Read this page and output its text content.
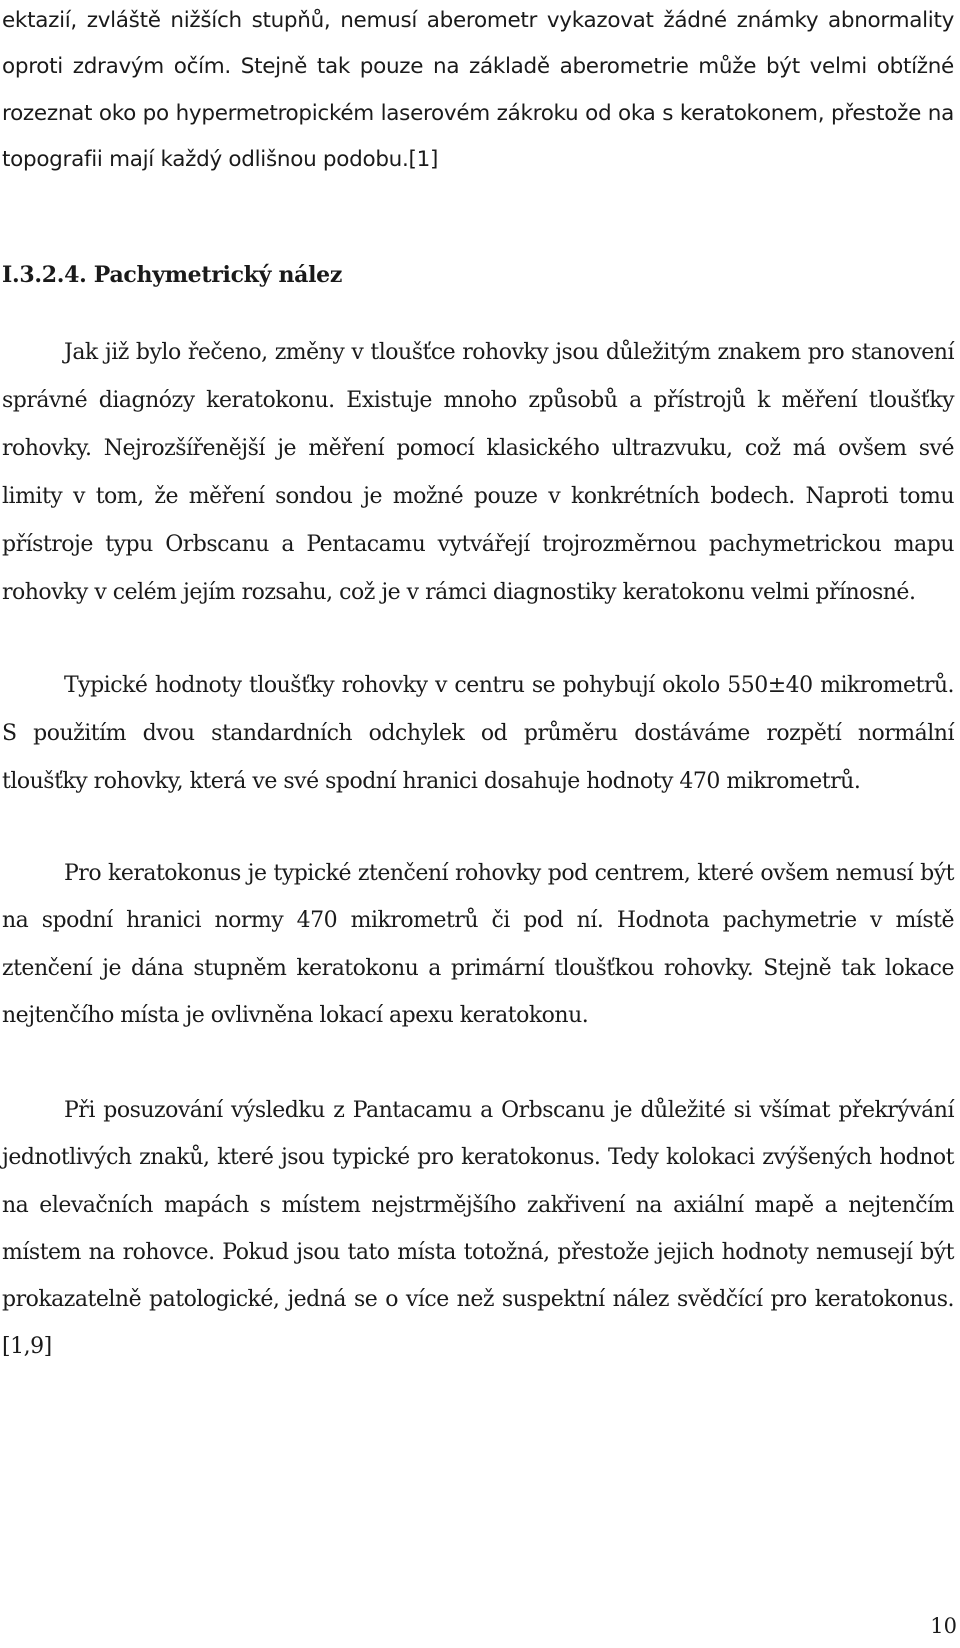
ektazií, zvláště nižších stupňů, nemusí aberometr vykazovat žádné známky abnormality oproti zdravým očím. Stejně tak pouze na základě aberometrie může být velmi obtížné rozeznat oko po hypermetropickém laserovém zákroku od oka s keratokonem, přestože na topografii mají každý odlišnou podobu.[1]

I.3.2.4. Pachymetrický nález

Jak již bylo řečeno, změny v tloušťce rohovky jsou důležitým znakem pro stanovení správné diagnózy keratokonu. Existuje mnoho způsobů a přístrojů k měření tloušťky rohovky. Nejrozšířenější je měření pomocí klasického ultrazvuku, což má ovšem své limity v tom, že měření sondou je možné pouze v konkrétních bodech. Naproti tomu přístroje typu Orbscanu a Pentacamu vytvářejí trojrozměrnou pachymetrickou mapu rohovky v celém jejím rozsahu, což je v rámci diagnostiky keratokonu velmi přínosné.

Typické hodnoty tloušťky rohovky v centru se pohybují okolo 550±40 mikrometrů. S použitím dvou standardních odchylek od průměru dostáváme rozpětí normální tloušťky rohovky, která ve své spodní hranici dosahuje hodnoty 470 mikrometrů.

Pro keratokonus je typické ztenčení rohovky pod centrem, které ovšem nemusí být na spodní hranici normy 470 mikrometrů či pod ní. Hodnota pachymetrie v místě ztenčení je dána stupněm keratokonu a primární tloušťkou rohovky. Stejně tak lokace nejtenčího místa je ovlivněna lokací apexu keratokonu.

Při posuzování výsledku z Pantacamu a Orbscanu je důležité si všímat překrývání jednotlivých znaků, které jsou typické pro keratokonus. Tedy kolokaci zvýšených hodnot na elevačních mapách s místem nejstrmějšího zakřivení na axiální mapě a nejtenčím místem na rohovce. Pokud jsou tato místa totožná, přestože jejich hodnoty nemusejí být prokazatelně patologické, jedná se o více než suspektní nález svědčící pro keratokonus.[1,9]

10
